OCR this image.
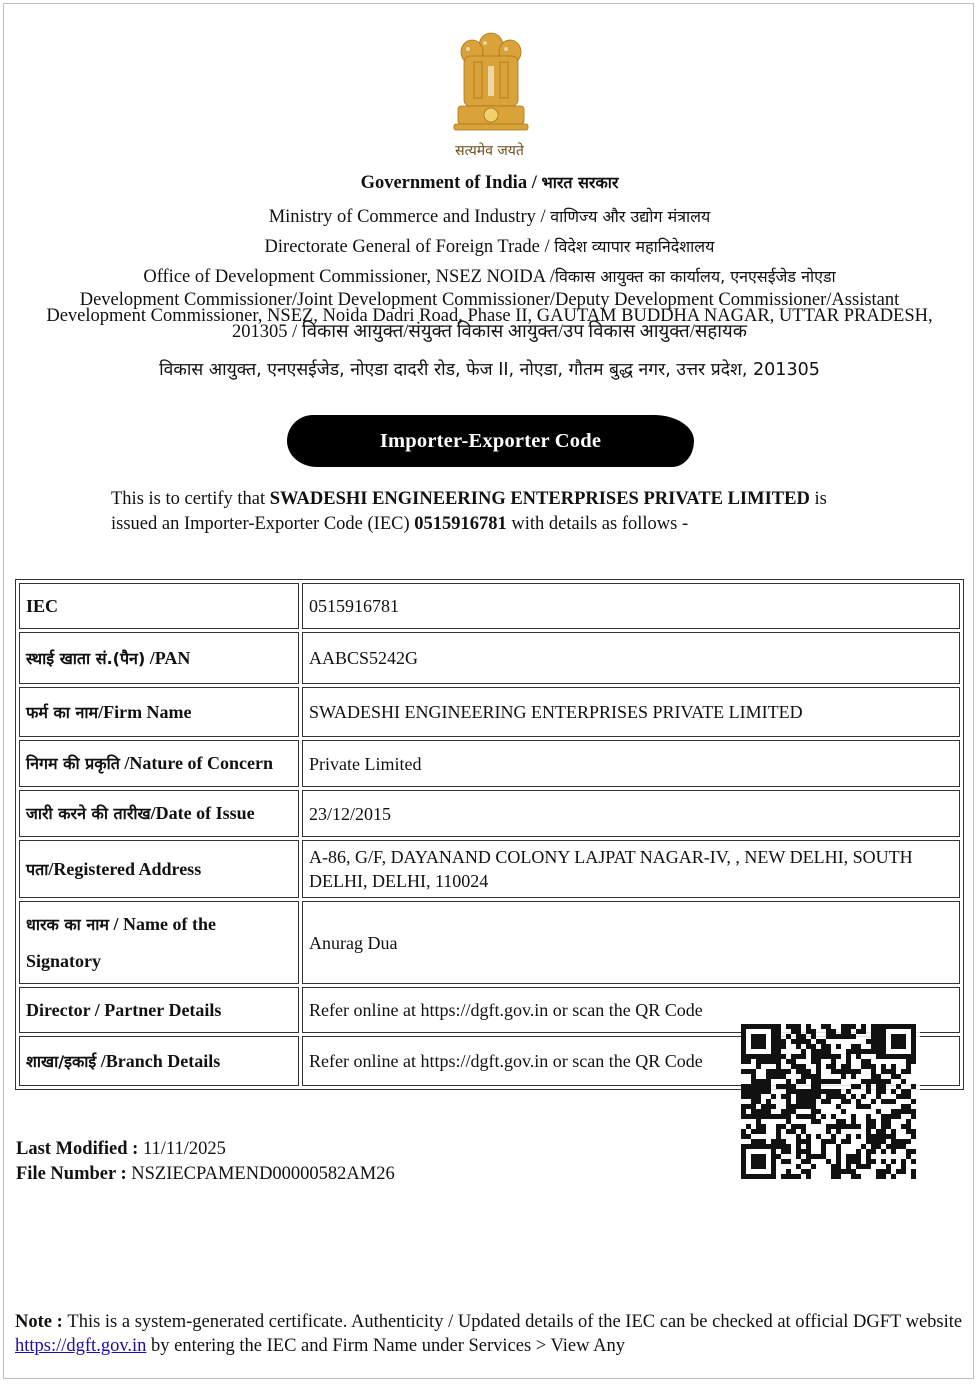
सत्यमेव जयते
Government of India / भारत सरकार
Ministry of Commerce and Industry / वाणिज्य और उद्योग मंत्रालय
Directorate General of Foreign Trade / विदेश व्यापार महानिदेशालय
Office of Development Commissioner, NSEZ NOIDA /विकास आयुक्त का कार्यालय, एनएसईजेड नोएडा
Development Commissioner/Joint Development Commissioner/Deputy Development Commissioner/Assistant Development Commissioner, NSEZ, Noida Dadri Road, Phase II, GAUTAM BUDDHA NAGAR, UTTAR PRADESH, 201305 / विकास आयुक्त/संयुक्त विकास आयुक्त/उप विकास आयुक्त/सहायक
विकास आयुक्त, एनएसईजेड, नोएडा दादरी रोड, फेज II, नोएडा, गौतम बुद्ध नगर, उत्तर प्रदेश, 201305
Importer-Exporter Code
This is to certify that SWADESHI ENGINEERING ENTERPRISES PRIVATE LIMITED is issued an Importer-Exporter Code (IEC) 0515916781 with details as follows -
IEC	0515916781
स्थाई खाता सं.(पैन) /PAN	AABCS5242G
फर्म का नाम/Firm Name	SWADESHI ENGINEERING ENTERPRISES PRIVATE LIMITED
निगम की प्रकृति /Nature of Concern	Private Limited
जारी करने की तारीख/Date of Issue	23/12/2015
पता/Registered Address	A-86, G/F, DAYANAND COLONY LAJPAT NAGAR-IV, , NEW DELHI, SOUTH DELHI, DELHI, 110024
धारक का नाम / Name of the Signatory	Anurag Dua
Director / Partner Details	Refer online at https://dgft.gov.in or scan the QR Code
शाखा/इकाई /Branch Details	Refer online at https://dgft.gov.in or scan the QR Code
Last Modified : 11/11/2025
File Number : NSZIECPAMEND00000582AM26
Note : This is a system-generated certificate. Authenticity / Updated details of the IEC can be checked at official DGFT website https://dgft.gov.in by entering the IEC and Firm Name under Services > View Any
